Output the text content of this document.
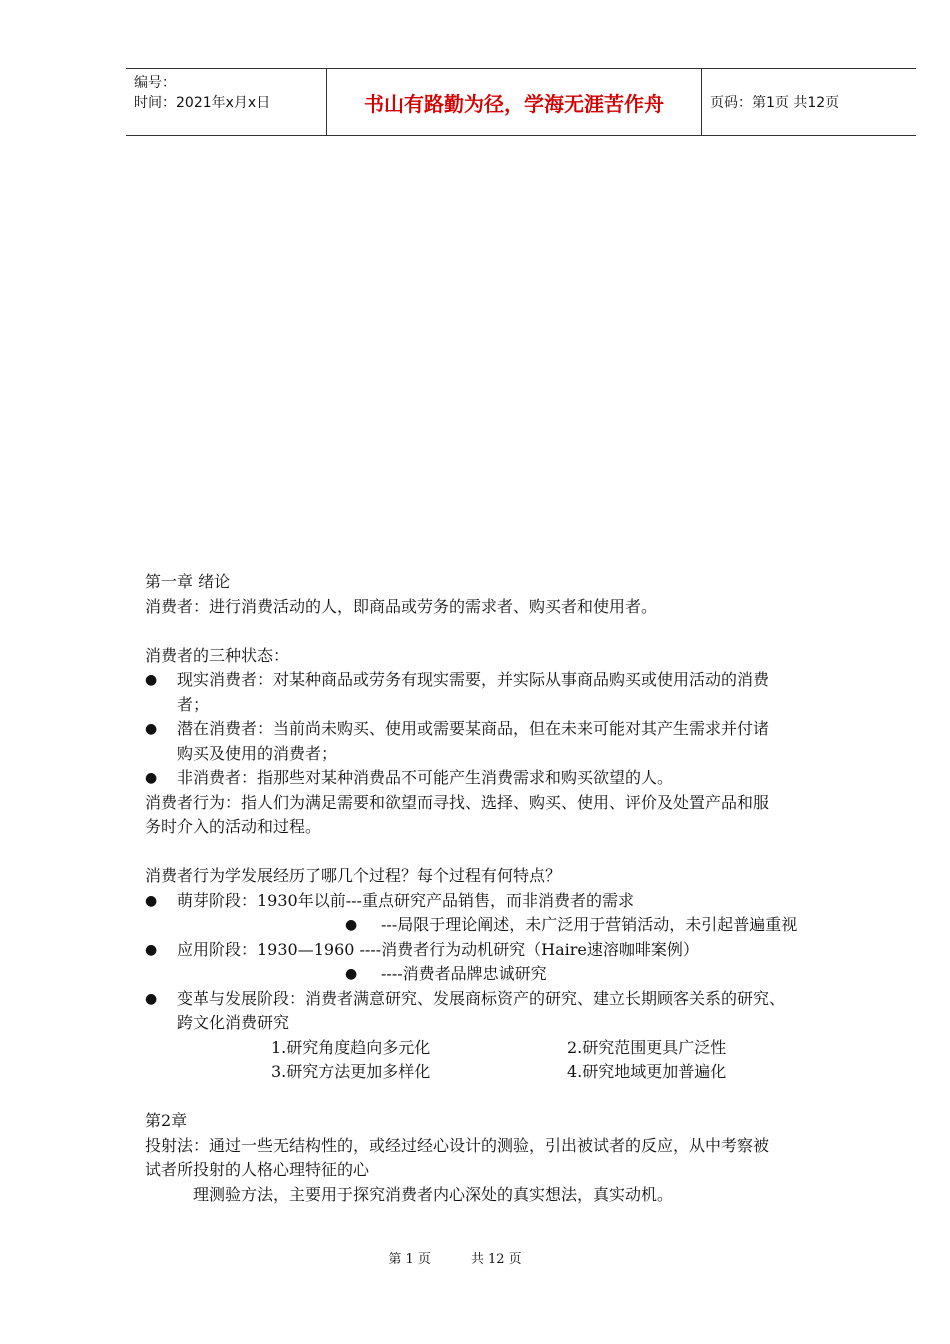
编号：
时间：2021年x月x日	书山有路勤为径，学海无涯苦作舟	页码：第1页 共12页
第一章 绪论
消费者：进行消费活动的人，即商品或劳务的需求者、购买者和使用者。
消费者的三种状态：
● 现实消费者：对某种商品或劳务有现实需要，并实际从事商品购买或使用活动的消费
者；
● 潜在消费者：当前尚未购买、使用或需要某商品，但在未来可能对其产生需求并付诸
购买及使用的消费者；
● 非消费者：指那些对某种消费品不可能产生消费需求和购买欲望的人。
消费者行为：指人们为满足需要和欲望而寻找、选择、购买、使用、评价及处置产品和服
务时介入的活动和过程。
消费者行为学发展经历了哪几个过程？每个过程有何特点？
● 萌芽阶段：1930年以前---重点研究产品销售，而非消费者的需求
● ---局限于理论阐述，未广泛用于营销活动，未引起普遍重视
● 应用阶段：1930—1960 ----消费者行为动机研究（Haire速溶咖啡案例）
● ----消费者品牌忠诚研究
● 变革与发展阶段：消费者满意研究、发展商标资产的研究、建立长期顾客关系的研究、
跨文化消费研究
1.研究角度趋向多元化	2.研究范围更具广泛性
3.研究方法更加多样化	4.研究地域更加普遍化
第2章
投射法：通过一些无结构性的，或经过经心设计的测验，引出被试者的反应，从中考察被
试者所投射的人格心理特征的心
理测验方法，主要用于探究消费者内心深处的真实想法，真实动机。
第 1 页	共 12 页
